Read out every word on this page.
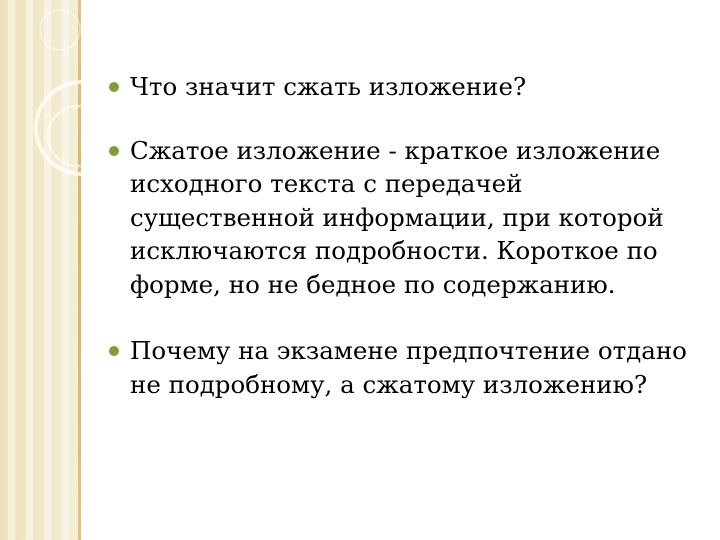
Что значит сжать изложение?

Сжатое изложение - краткое изложение исходного текста с передачей существенной информации, при которой исключаются подробности. Короткое по форме, но не бедное по содержанию.

Почему на экзамене предпочтение отдано не подробному, а сжатому изложению?
